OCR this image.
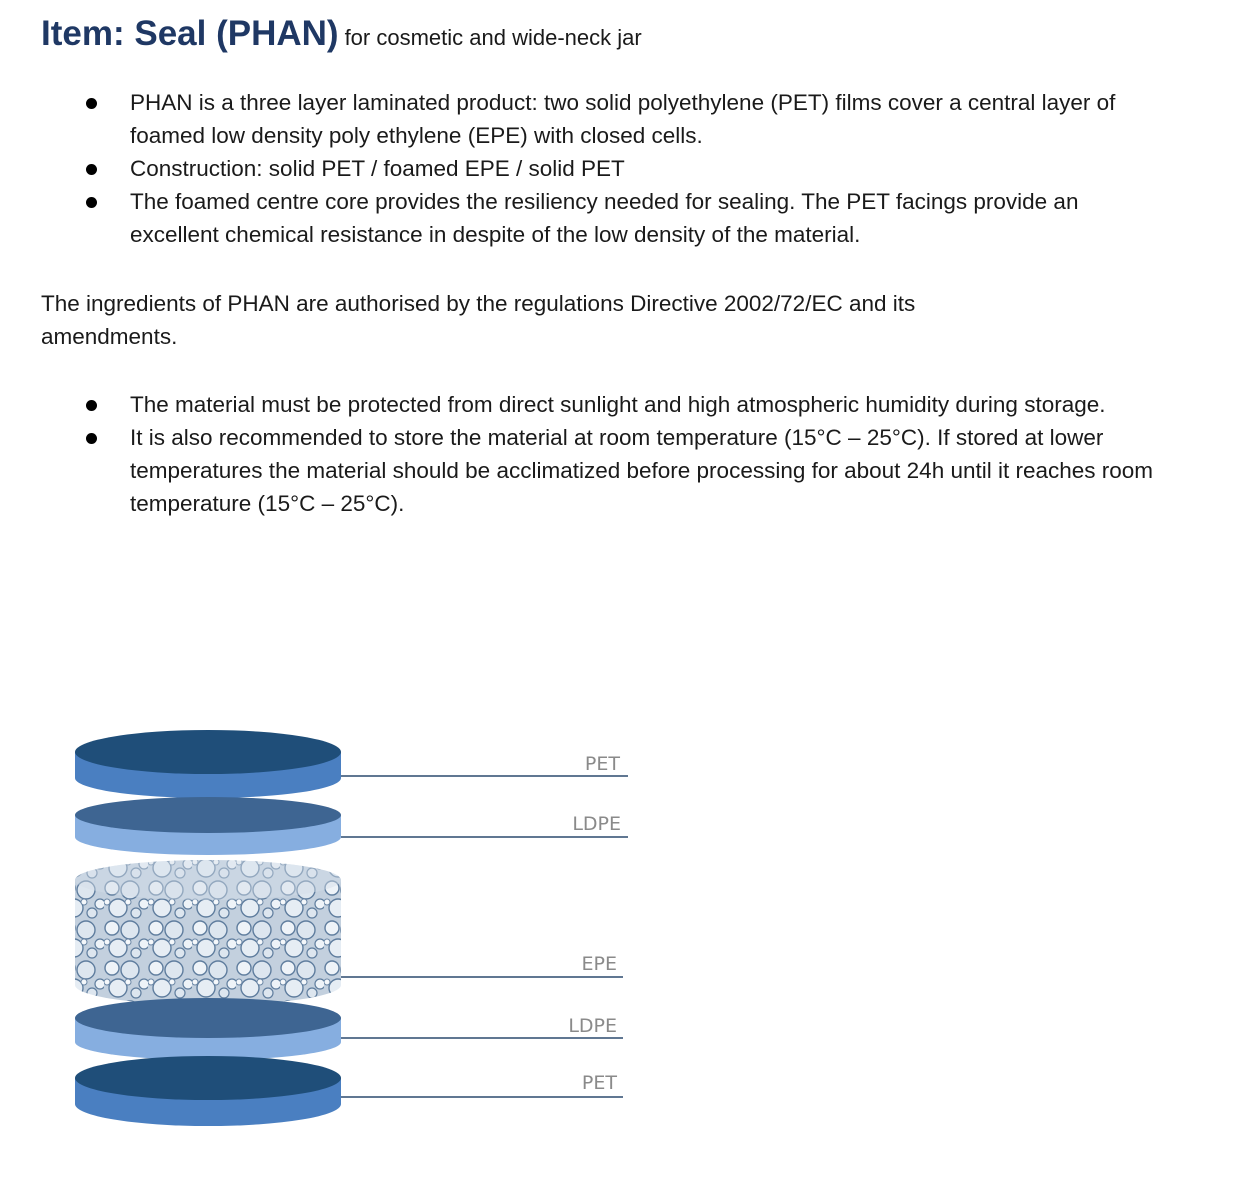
Item: Seal (PHAN) for cosmetic and wide-neck jar
PHAN is a three layer laminated product: two solid polyethylene (PET) films cover a central layer of foamed low density poly ethylene (EPE) with closed cells.
Construction: solid PET / foamed EPE / solid PET
The foamed centre core provides the resiliency needed for sealing. The PET facings provide an excellent chemical resistance in despite of the low density of the material.

The ingredients of PHAN are authorised by the regulations Directive 2002/72/EC and its amendments.

The material must be protected from direct sunlight and high atmospheric humidity during storage.
It is also recommended to store the material at room temperature (15°C – 25°C). If stored at lower temperatures the material should be acclimatized before processing for about 24h until it reaches room temperature (15°C – 25°C).
PET
LDPE
EPE
LDPE
PET
